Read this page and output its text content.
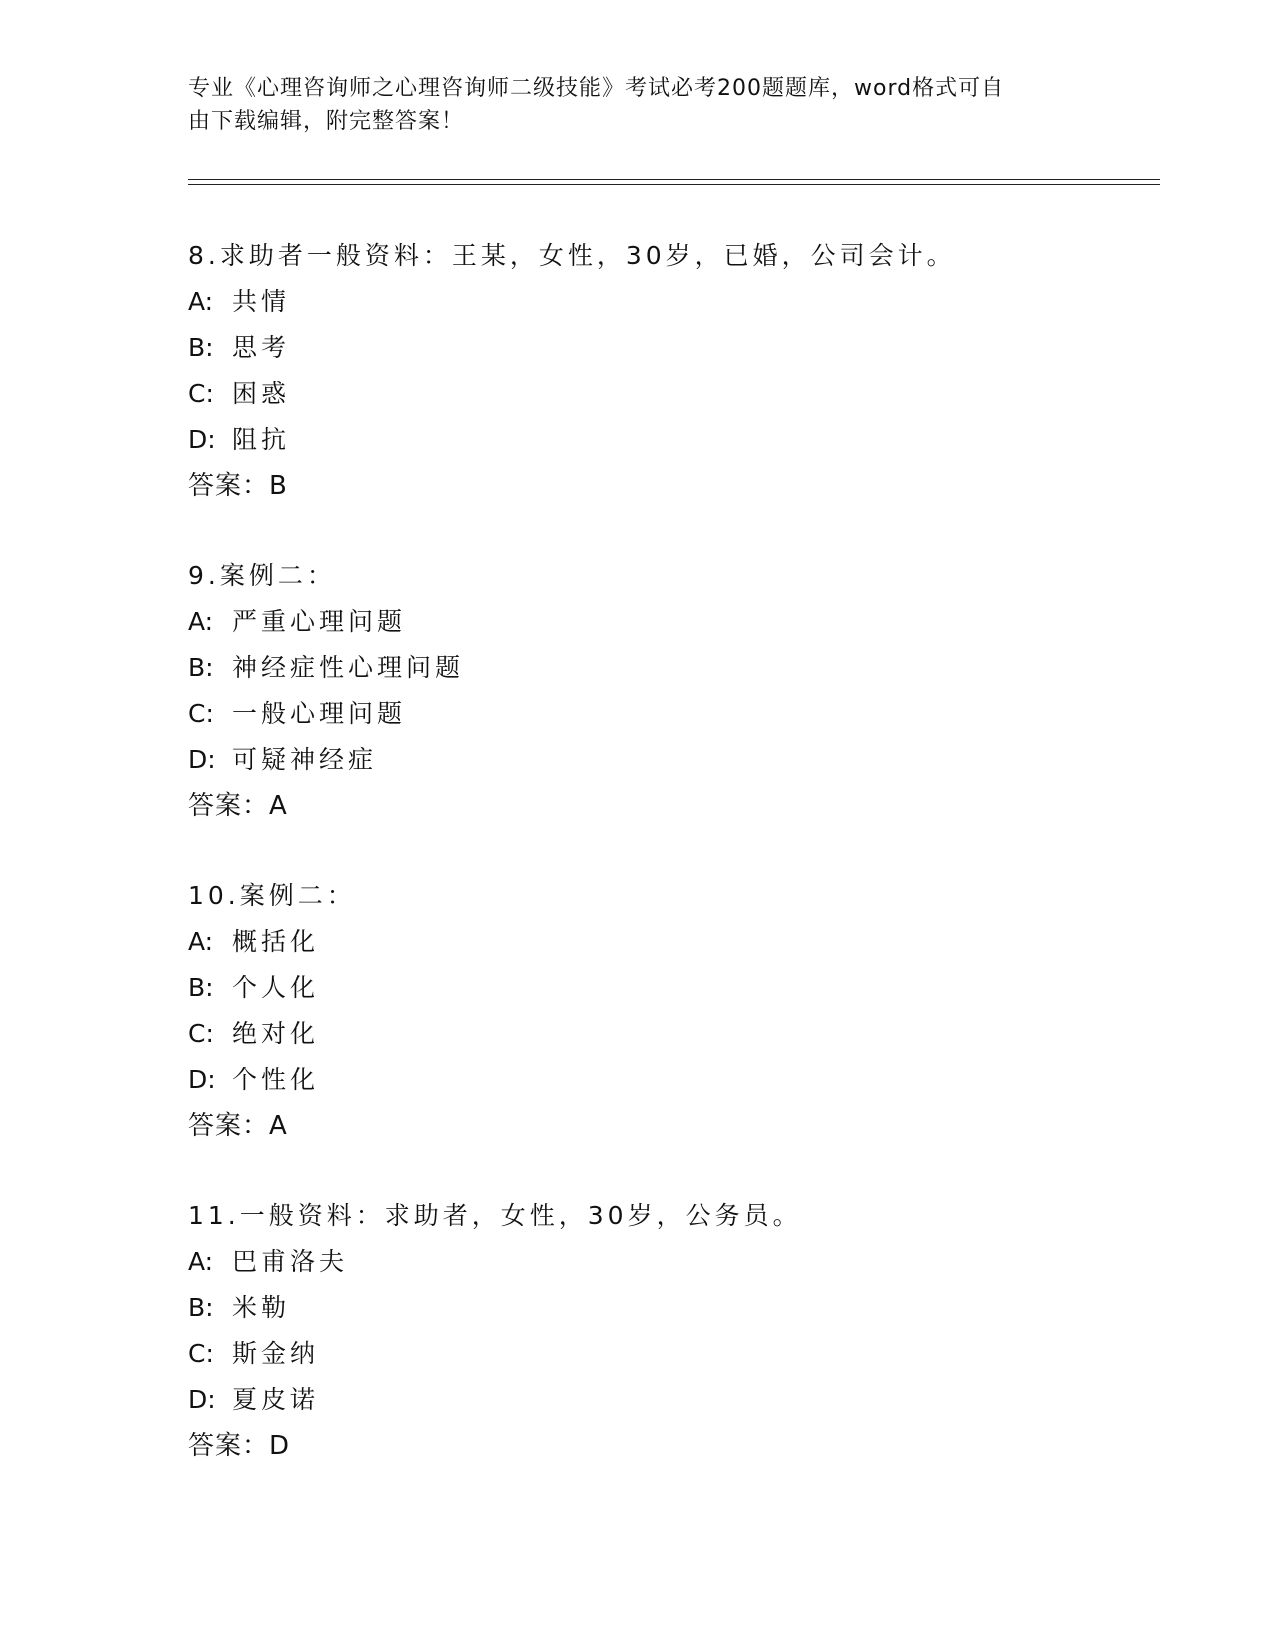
专业《心理咨询师之心理咨询师二级技能》考试必考200题题库，word格式可自
由下载编辑，附完整答案！
8.求助者一般资料：王某，女性，30岁，已婚，公司会计。
A: 共情
B: 思考
C: 困惑
D: 阻抗
答案：B
9.案例二：
A: 严重心理问题
B: 神经症性心理问题
C: 一般心理问题
D: 可疑神经症
答案：A
10.案例二：
A: 概括化
B: 个人化
C: 绝对化
D: 个性化
答案：A
11.一般资料：求助者，女性，30岁，公务员。
A: 巴甫洛夫
B: 米勒
C: 斯金纳
D: 夏皮诺
答案：D
